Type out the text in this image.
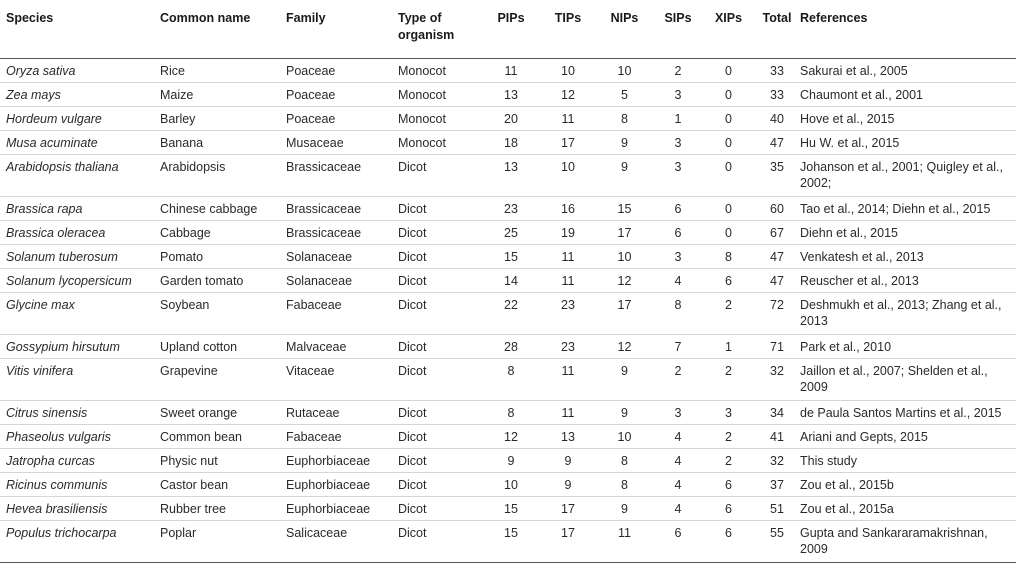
Species	Common name	Family	Type of organism	PIPs	TIPs	NIPs	SIPs	XIPs	Total	References
Oryza sativa	Rice	Poaceae	Monocot	11	10	10	2	0	33	Sakurai et al., 2005
Zea mays	Maize	Poaceae	Monocot	13	12	5	3	0	33	Chaumont et al., 2001
Hordeum vulgare	Barley	Poaceae	Monocot	20	11	8	1	0	40	Hove et al., 2015
Musa acuminate	Banana	Musaceae	Monocot	18	17	9	3	0	47	Hu W. et al., 2015
Arabidopsis thaliana	Arabidopsis	Brassicaceae	Dicot	13	10	9	3	0	35	Johanson et al., 2001; Quigley et al., 2002;
Brassica rapa	Chinese cabbage	Brassicaceae	Dicot	23	16	15	6	0	60	Tao et al., 2014; Diehn et al., 2015
Brassica oleracea	Cabbage	Brassicaceae	Dicot	25	19	17	6	0	67	Diehn et al., 2015
Solanum tuberosum	Pomato	Solanaceae	Dicot	15	11	10	3	8	47	Venkatesh et al., 2013
Solanum lycopersicum	Garden tomato	Solanaceae	Dicot	14	11	12	4	6	47	Reuscher et al., 2013
Glycine max	Soybean	Fabaceae	Dicot	22	23	17	8	2	72	Deshmukh et al., 2013; Zhang et al., 2013
Gossypium hirsutum	Upland cotton	Malvaceae	Dicot	28	23	12	7	1	71	Park et al., 2010
Vitis vinifera	Grapevine	Vitaceae	Dicot	8	11	9	2	2	32	Jaillon et al., 2007; Shelden et al., 2009
Citrus sinensis	Sweet orange	Rutaceae	Dicot	8	11	9	3	3	34	de Paula Santos Martins et al., 2015
Phaseolus vulgaris	Common bean	Fabaceae	Dicot	12	13	10	4	2	41	Ariani and Gepts, 2015
Jatropha curcas	Physic nut	Euphorbiaceae	Dicot	9	9	8	4	2	32	This study
Ricinus communis	Castor bean	Euphorbiaceae	Dicot	10	9	8	4	6	37	Zou et al., 2015b
Hevea brasiliensis	Rubber tree	Euphorbiaceae	Dicot	15	17	9	4	6	51	Zou et al., 2015a
Populus trichocarpa	Poplar	Salicaceae	Dicot	15	17	11	6	6	55	Gupta and Sankararamakrishnan, 2009
